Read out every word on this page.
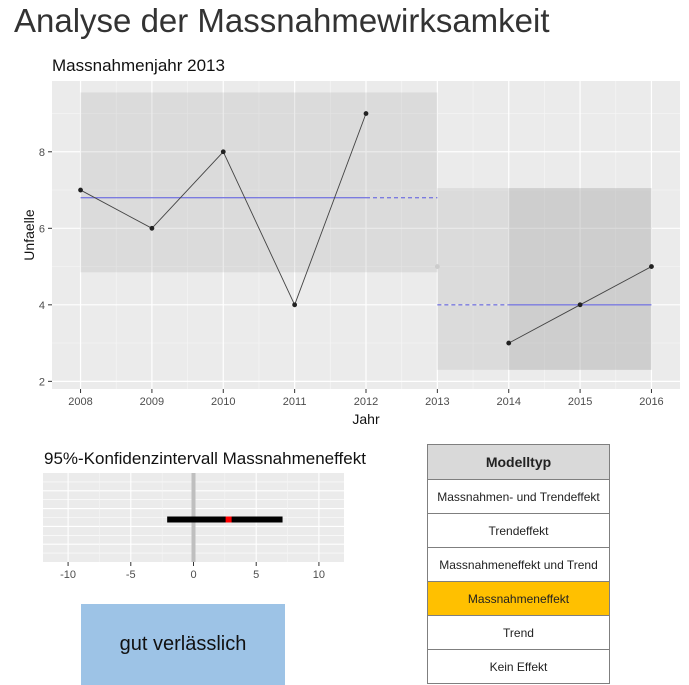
Analyse der Massnahmewirksamkeit
Massnahmenjahr 2013
2008	2009	2010	2011	2012	2013	2014	2015	2016
2
4
6
8
Jahr
Unfaelle
95%-Konfidenzintervall Massnahmeneffekt
-10	-5	0	5	10
gut verlässlich
Modelltyp
Massnahmen- und Trendeffekt
Trendeffekt
Massnahmeneffekt und Trend
Massnahmeneffekt
Trend
Kein Effekt
